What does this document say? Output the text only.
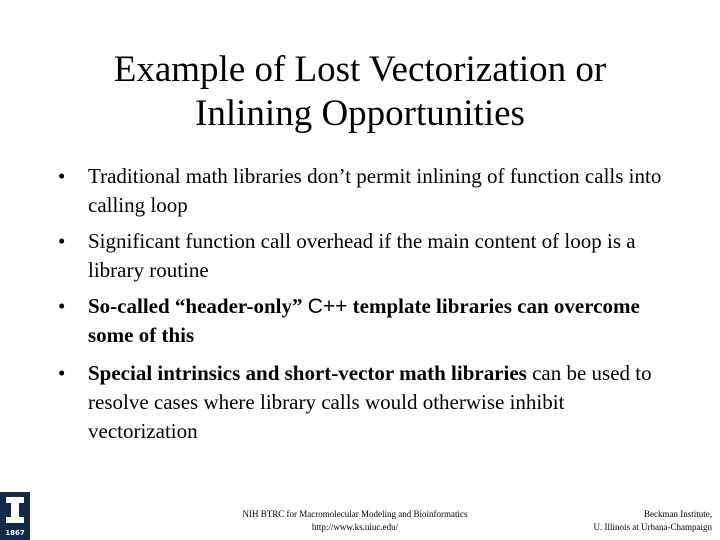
Example of Lost Vectorization or
Inlining Opportunities
• Traditional math libraries don’t permit inlining of function calls into calling loop
• Significant function call overhead if the main content of loop is a library routine
• So-called “header-only” C++ template libraries can overcome some of this
• Special intrinsics and short-vector math libraries can be used to resolve cases where library calls would otherwise inhibit vectorization
1867
NIH BTRC for Macromolecular Modeling and Bioinformatics
http://www.ks.uiuc.edu/
Beckman Institute,
U. Illinois at Urbana-Champaign
